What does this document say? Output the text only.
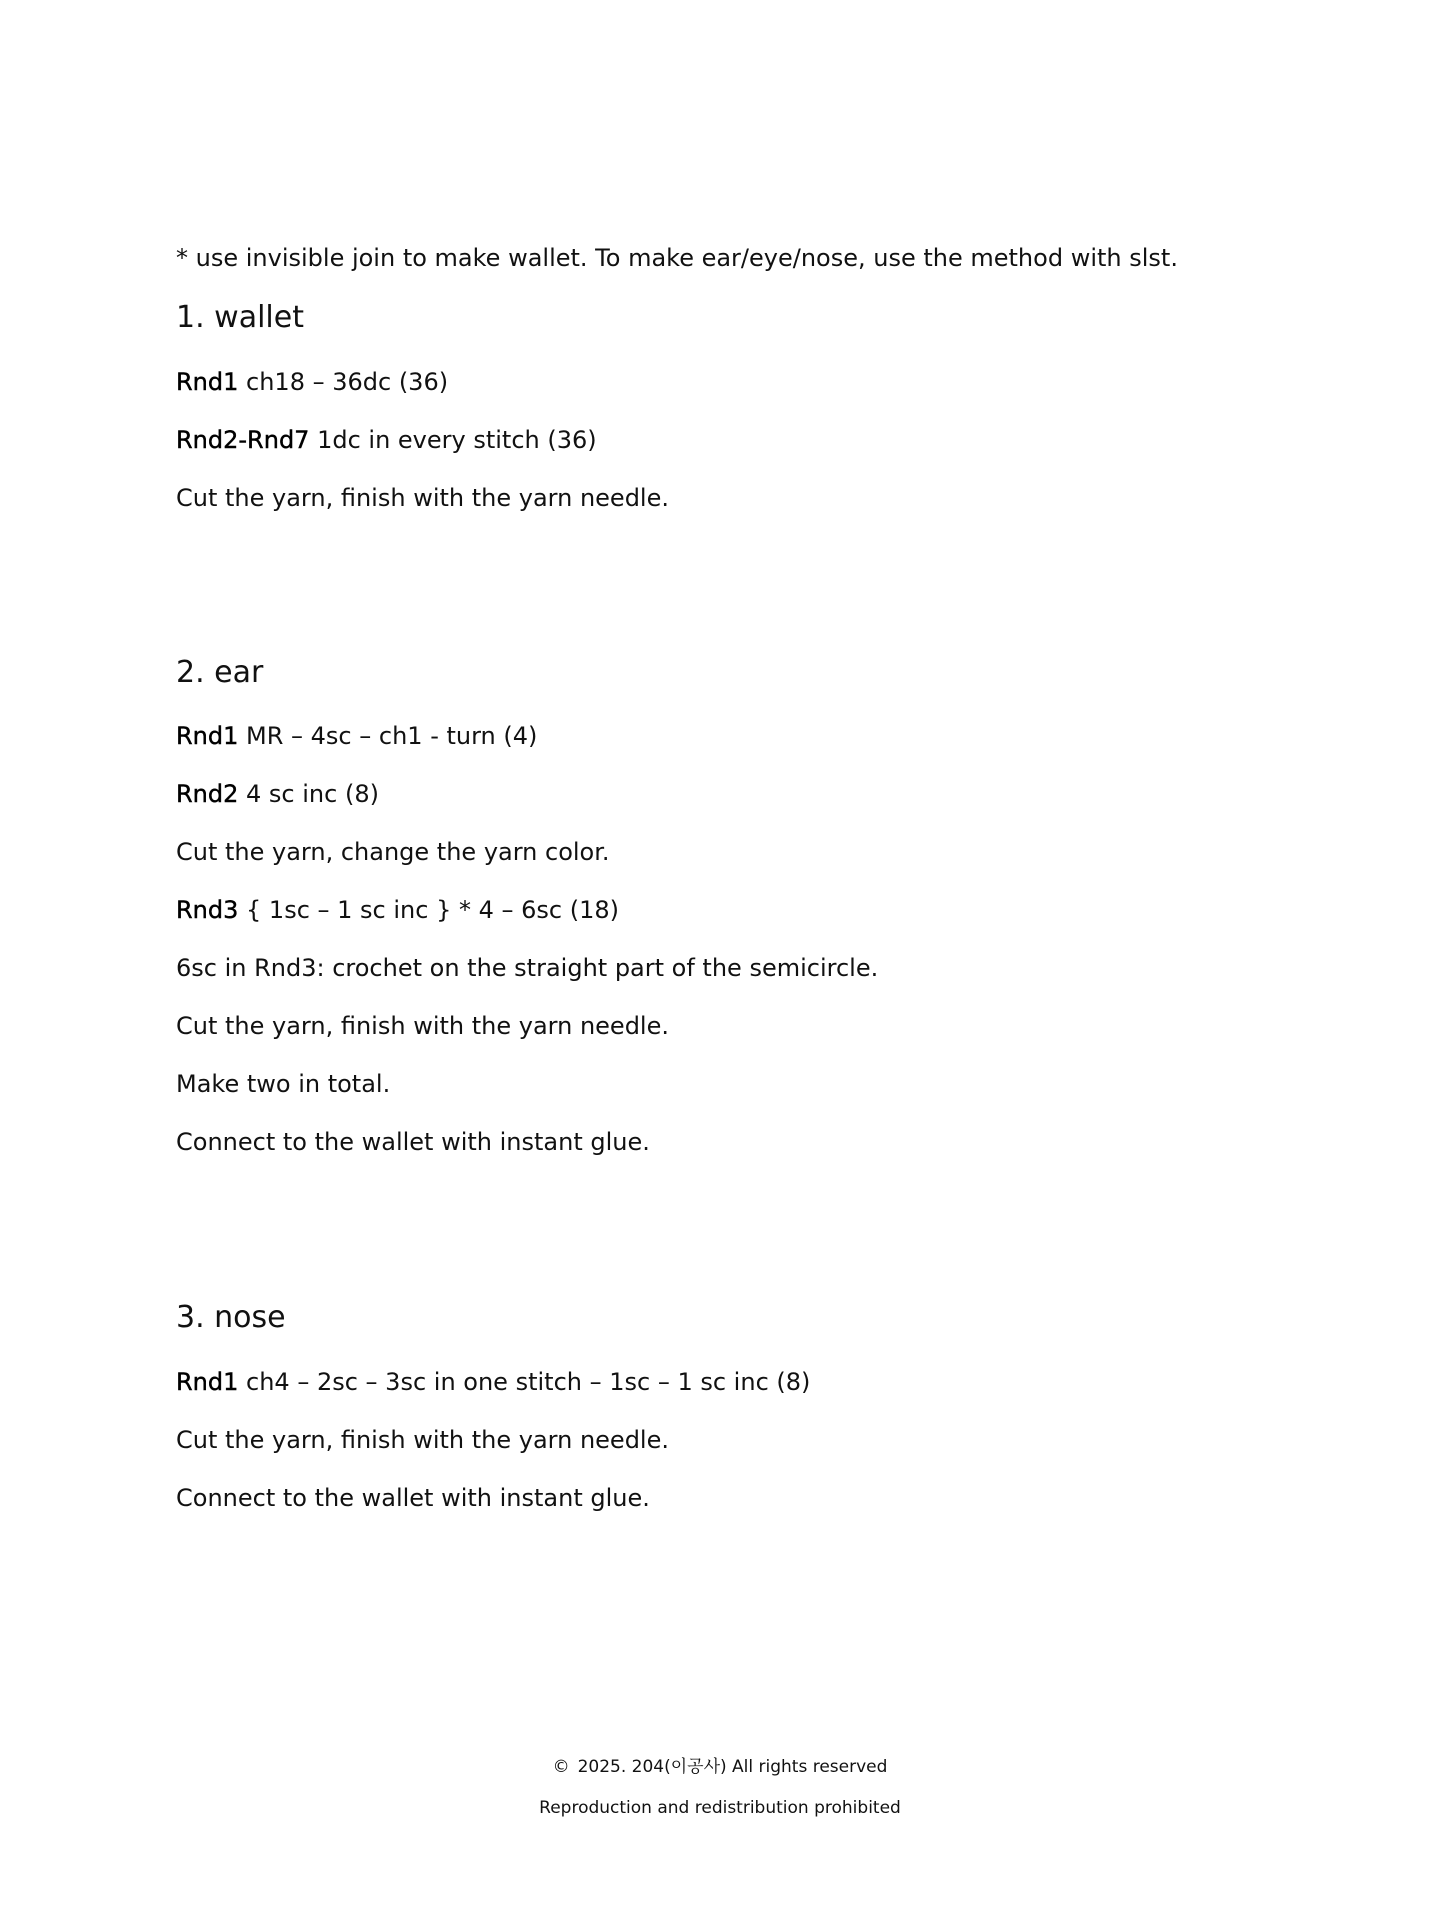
* use invisible join to make wallet. To make ear/eye/nose, use the method with slst.
1. wallet
Rnd1 ch18 – 36dc (36)
Rnd2-Rnd7 1dc in every stitch (36)
Cut the yarn, finish with the yarn needle.
2. ear
Rnd1 MR – 4sc – ch1 - turn (4)
Rnd2 4 sc inc (8)
Cut the yarn, change the yarn color.
Rnd3 { 1sc – 1 sc inc } * 4 – 6sc (18)
6sc in Rnd3: crochet on the straight part of the semicircle.
Cut the yarn, finish with the yarn needle.
Make two in total.
Connect to the wallet with instant glue.
3. nose
Rnd1 ch4 – 2sc – 3sc in one stitch – 1sc – 1 sc inc (8)
Cut the yarn, finish with the yarn needle.
Connect to the wallet with instant glue.
© 2025. 204(이공사) All rights reserved
Reproduction and redistribution prohibited
